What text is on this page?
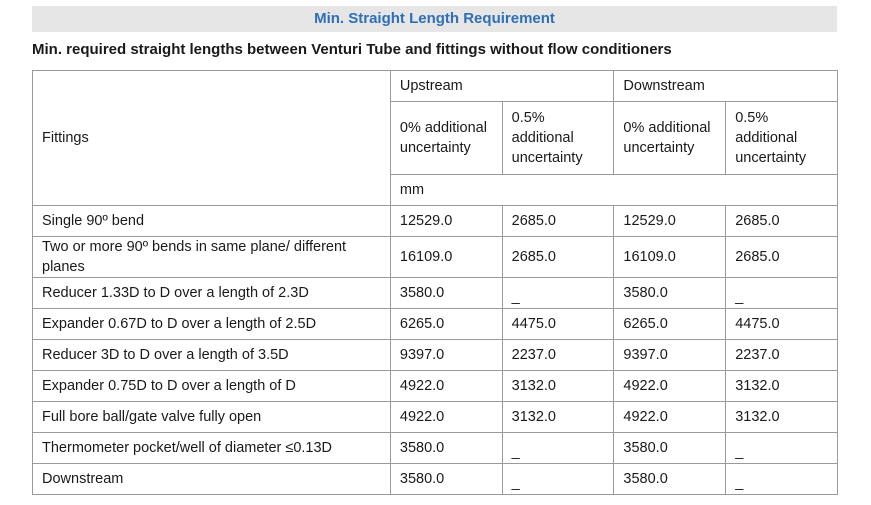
Min. Straight Length Requirement
Min. required straight lengths between Venturi Tube and fittings without flow conditioners
Fittings	Upstream		Downstream	
	0% additional uncertainty	0.5% additional uncertainty	0% additional uncertainty	0.5% additional uncertainty
	mm			
Single 90º bend	12529.0	2685.0	12529.0	2685.0
Two or more 90º bends in same plane/ different planes	16109.0	2685.0	16109.0	2685.0
Reducer 1.33D to D over a length of 2.3D	3580.0	_	3580.0	_
Expander 0.67D to D over a length of 2.5D	6265.0	4475.0	6265.0	4475.0
Reducer 3D to D over a length of 3.5D	9397.0	2237.0	9397.0	2237.0
Expander 0.75D to D over a length of D	4922.0	3132.0	4922.0	3132.0
Full bore ball/gate valve fully open	4922.0	3132.0	4922.0	3132.0
Thermometer pocket/well of diameter ≤0.13D	3580.0	_	3580.0	_
Downstream	3580.0	_	3580.0	_
